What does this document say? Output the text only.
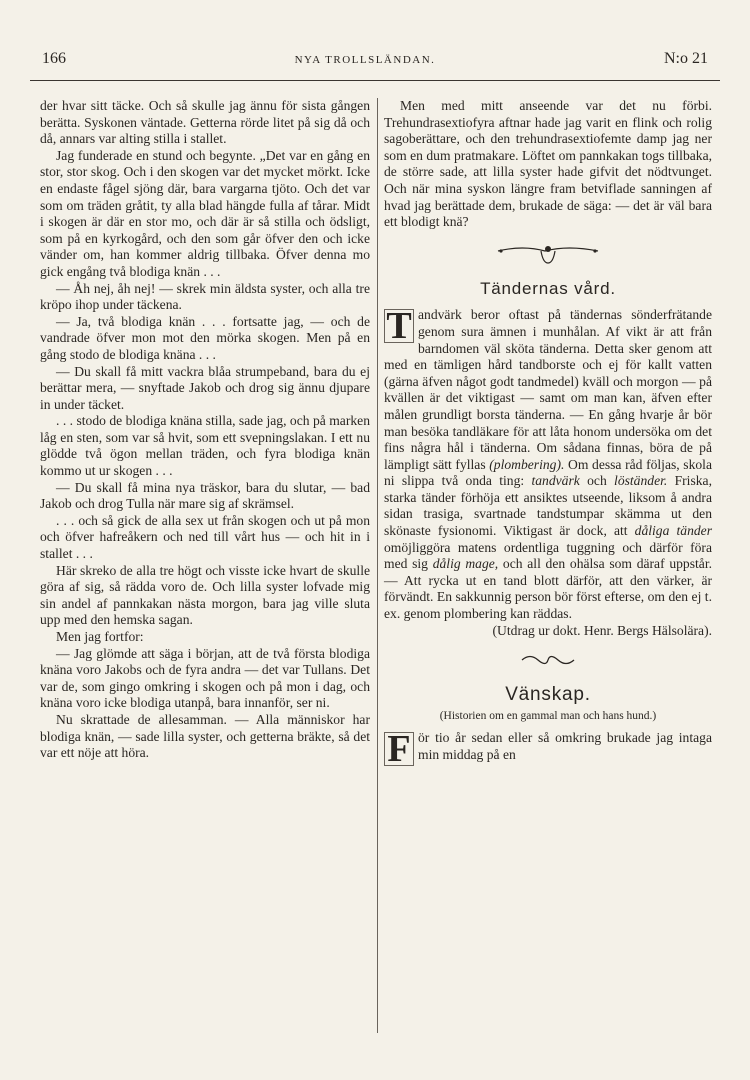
166	NYA TROLLSLÄNDAN.	N:o 21

der hvar sitt täcke. Och så skulle jag ännu för sista gången berätta. Syskonen väntade. Getterna rörde litet på sig då och då, annars var alting stilla i stallet.

Jag funderade en stund och begynte. „Det var en gång en stor, stor skog. Och i den skogen var det mycket mörkt. Icke en endaste fågel sjöng där, bara vargarna tjöto. Och det var som om träden gråtit, ty alla blad hängde fulla af tårar. Midt i skogen är där en stor mo, och där är så stilla och ödsligt, som på en kyrkogård, och den som går öfver den och icke vänder om, han kommer aldrig tillbaka. Öfver denna mo gick engång två blodiga knän . . .

— Åh nej, åh nej! — skrek min äldsta syster, och alla tre kröpo ihop under täckena.

— Ja, två blodiga knän . . . fortsatte jag, — och de vandrade öfver mon mot den mörka skogen. Men på en gång stodo de blodiga knäna . . .

— Du skall få mitt vackra blåa strumpeband, bara du ej berättar mera, — snyftade Jakob och drog sig ännu djupare in under täcket.

. . . stodo de blodiga knäna stilla, sade jag, och på marken låg en sten, som var så hvit, som ett svepningslakan. I ett nu glödde två ögon mellan träden, och fyra blodiga knän kommo ut ur skogen . . .

— Du skall få mina nya träskor, bara du slutar, — bad Jakob och drog Tulla när mare sig af skrämsel.

. . . och så gick de alla sex ut från skogen och ut på mon och öfver hafreåkern och ned till vårt hus — och hit in i stallet . . .

Här skreko de alla tre högt och visste icke hvart de skulle göra af sig, så rädda voro de. Och lilla syster lofvade mig sin andel af pannkakan nästa morgon, bara jag ville sluta upp med den hemska sagan.

Men jag fortfor:

— Jag glömde att säga i början, att de två första blodiga knäna voro Jakobs och de fyra andra — det var Tullans. Det var de, som gingo omkring i skogen och på mon i dag, och knäna voro icke blodiga utanpå, bara innanför, ser ni.

Nu skrattade de allesamman. — Alla människor har blodiga knän, — sade lilla syster, och getterna bräkte, så det var ett nöje att höra.

Men med mitt anseende var det nu förbi. Trehundrasextiofyra aftnar hade jag varit en flink och rolig sagoberättare, och den trehundrasextiofemte damp jag ner som en dum pratmakare. Löftet om pannkakan togs tillbaka, de större sade, att lilla syster hade gifvit det nödtvunget. Och när mina syskon längre fram betviflade sanningen af hvad jag berättade dem, brukade de säga: — det är väl bara ett blodigt knä?

Tändernas vård.

T andvärk beror oftast på tändernas sönderfrätande genom sura ämnen i munhålan. Af vikt är att från barndomen väl sköta tänderna. Detta sker genom att med en tämligen hård tandborste och ej för kallt vatten (gärna äfven något godt tandmedel) kväll och morgon — på kvällen är det viktigast — samt om man kan, äfven efter målen grundligt borsta tänderna. — En gång hvarje år bör man besöka tandläkare för att låta honom undersöka om det fins några hål i tänderna. Om sådana finnas, böra de på lämpligt sätt fyllas (plombering). Om dessa råd följas, skola ni slippa två onda ting: tandvärk och löständer. Friska, starka tänder förhöja ett ansiktes utseende, liksom å andra sidan trasiga, svartnade tandstumpar skämma ut den skönaste fysionomi. Viktigast är dock, att dåliga tänder omöjliggöra matens ordentliga tuggning och därför föra med sig dålig mage, och all den ohälsa som däraf uppstår. — Att rycka ut en tand blott därför, att den värker, är förvändt. En sakkunnig person bör först efterse, om den ej t. ex. genom plombering kan räddas.

(Utdrag ur dokt. Henr. Bergs Hälsolära).

Vänskap.
(Historien om en gammal man och hans hund.)

F ör tio år sedan eller så omkring brukade jag intaga min middag på en
